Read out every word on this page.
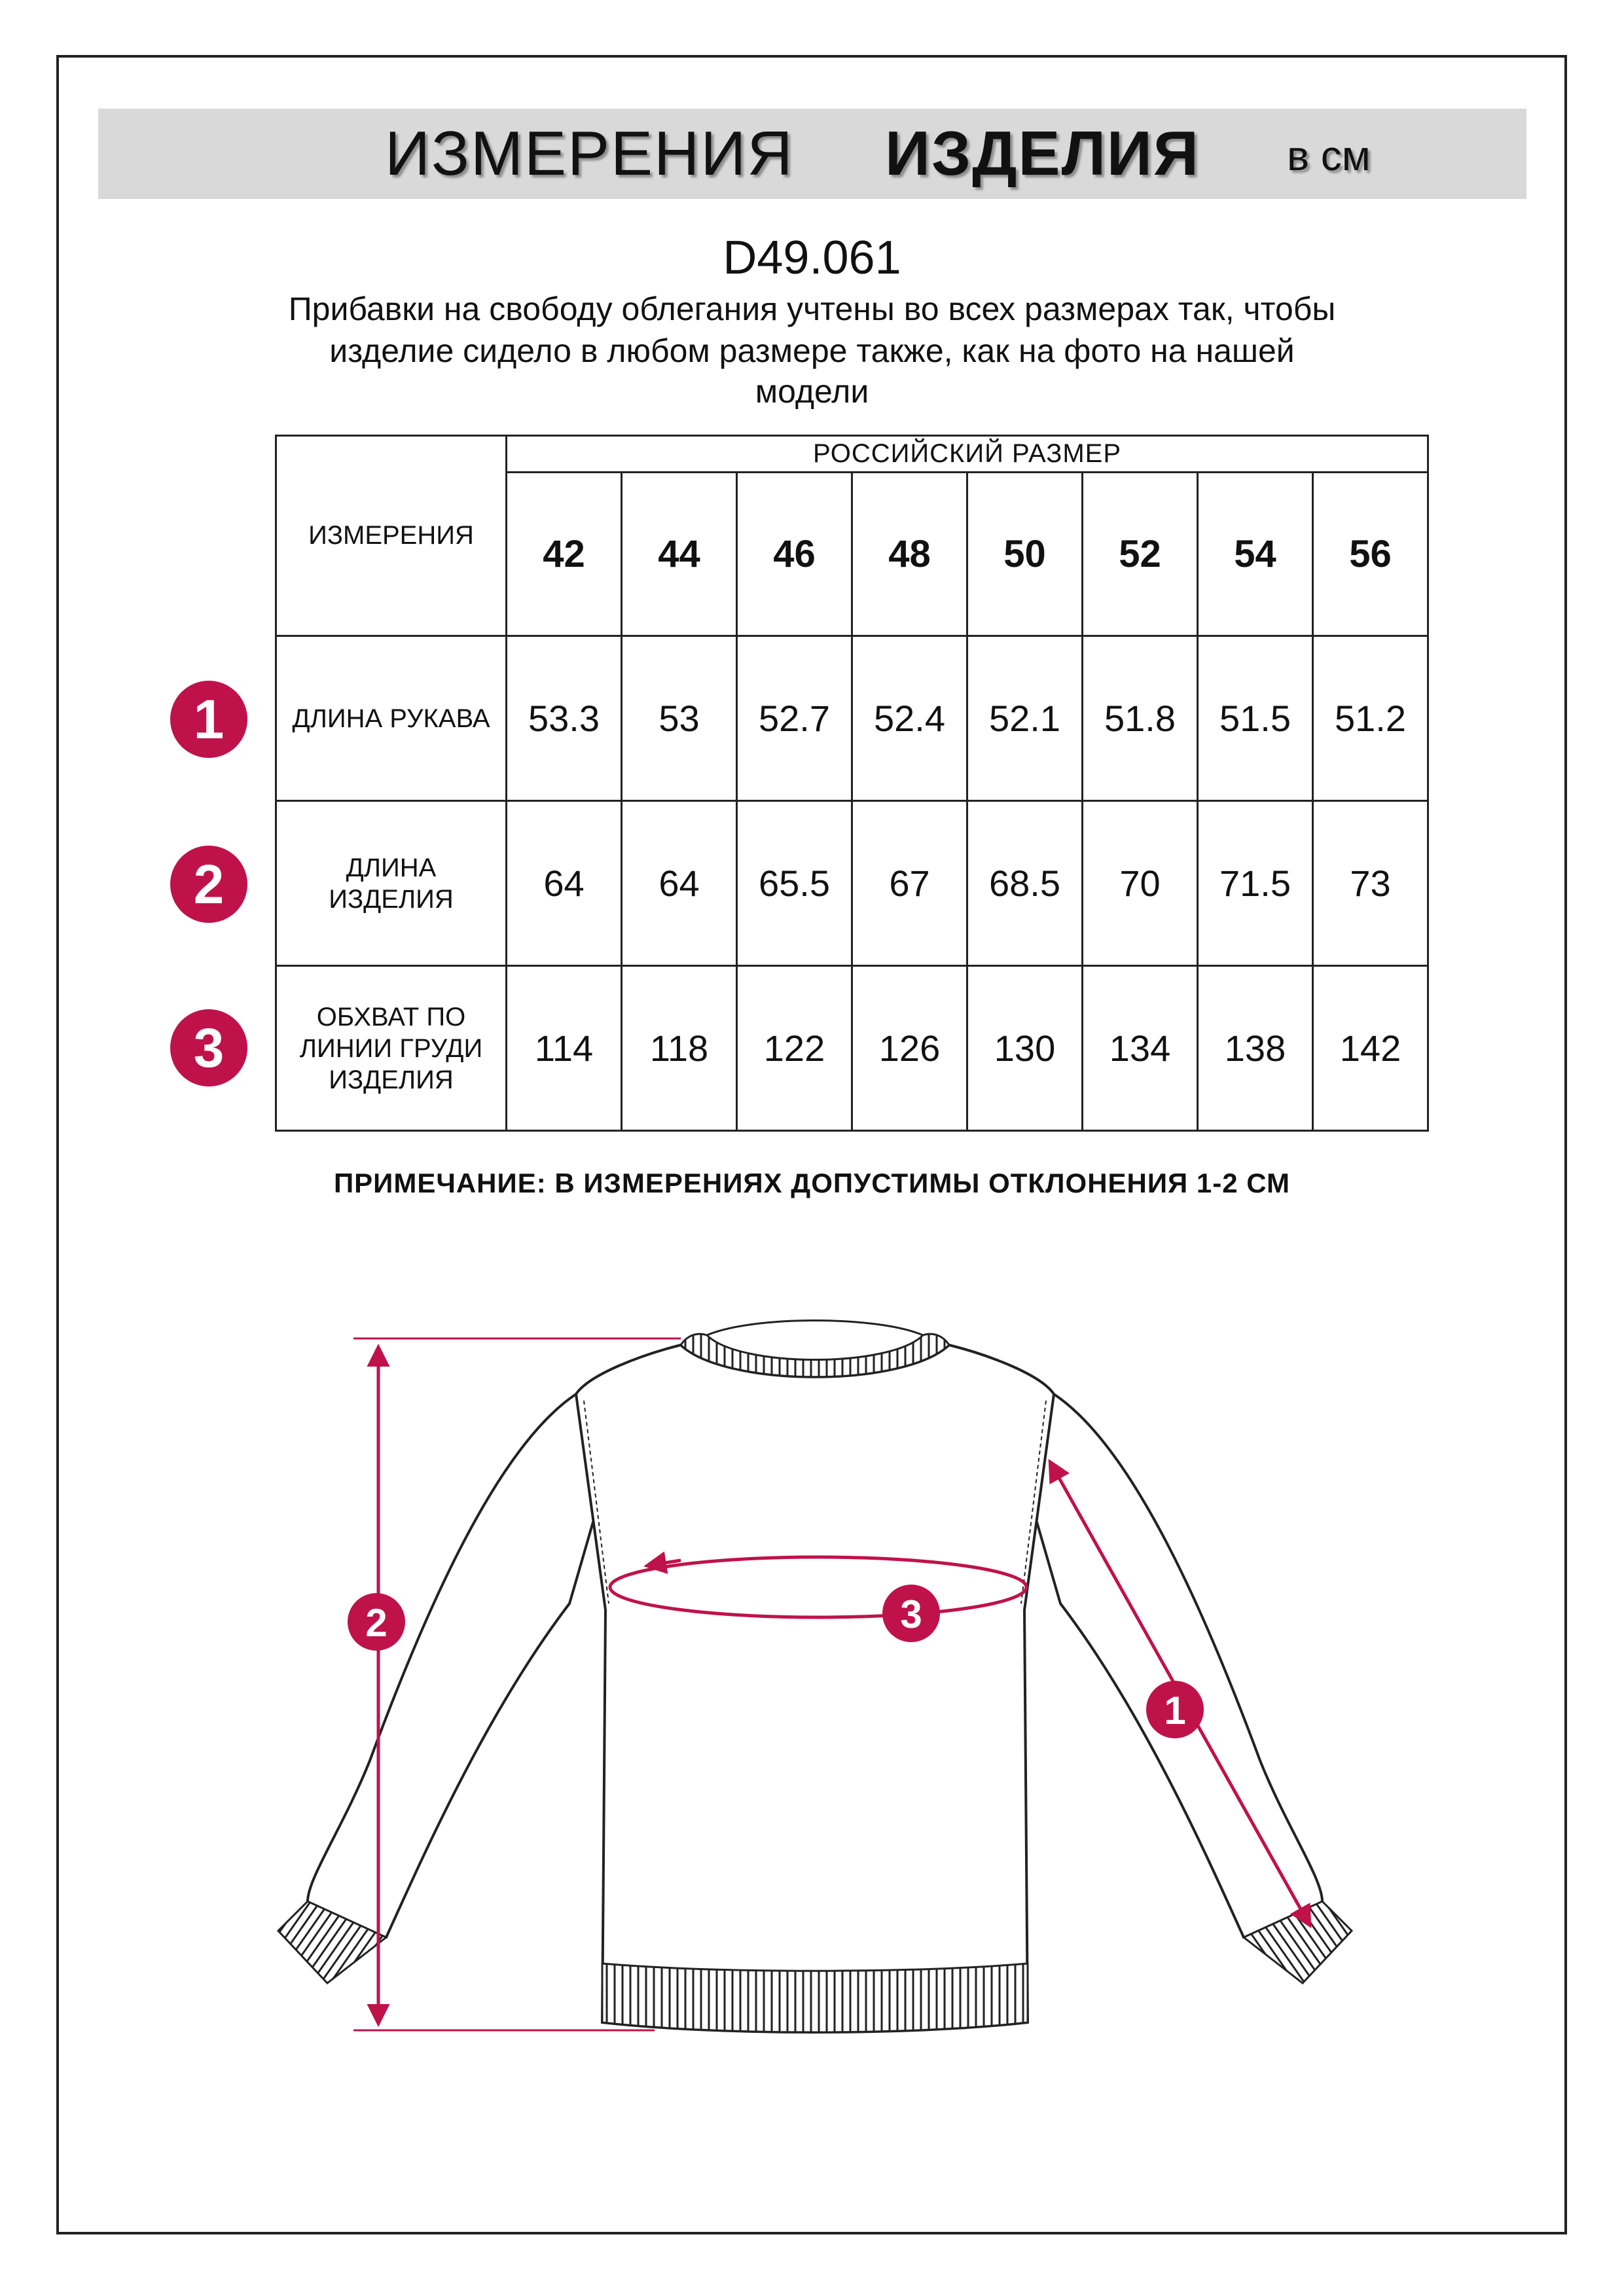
ИЗМЕРЕНИЯ ИЗДЕЛИЯ в см
D49.061
Прибавки на свободу облегания учтены во всех размерах так, чтобы
изделие сидело в любом размере также, как на фото на нашей
модели
ИЗМЕРЕНИЯ	РОССИЙСКИЙ РАЗМЕР							
	42	44	46	48	50	52	54	56

ДЛИНА РУКАВА	53.3	53	52.7	52.4	52.1	51.8	51.5	51.2

ДЛИНА
ИЗДЕЛИЯ	64	64	65.5	67	68.5	70	71.5	73

ОБХВАТ ПО
ЛИНИИ ГРУДИ
ИЗДЕЛИЯ	114	118	122	126	130	134	138	142
1
2
3
ПРИМЕЧАНИЕ: В ИЗМЕРЕНИЯХ ДОПУСТИМЫ ОТКЛОНЕНИЯ 1-2 СМ
2	3
1
